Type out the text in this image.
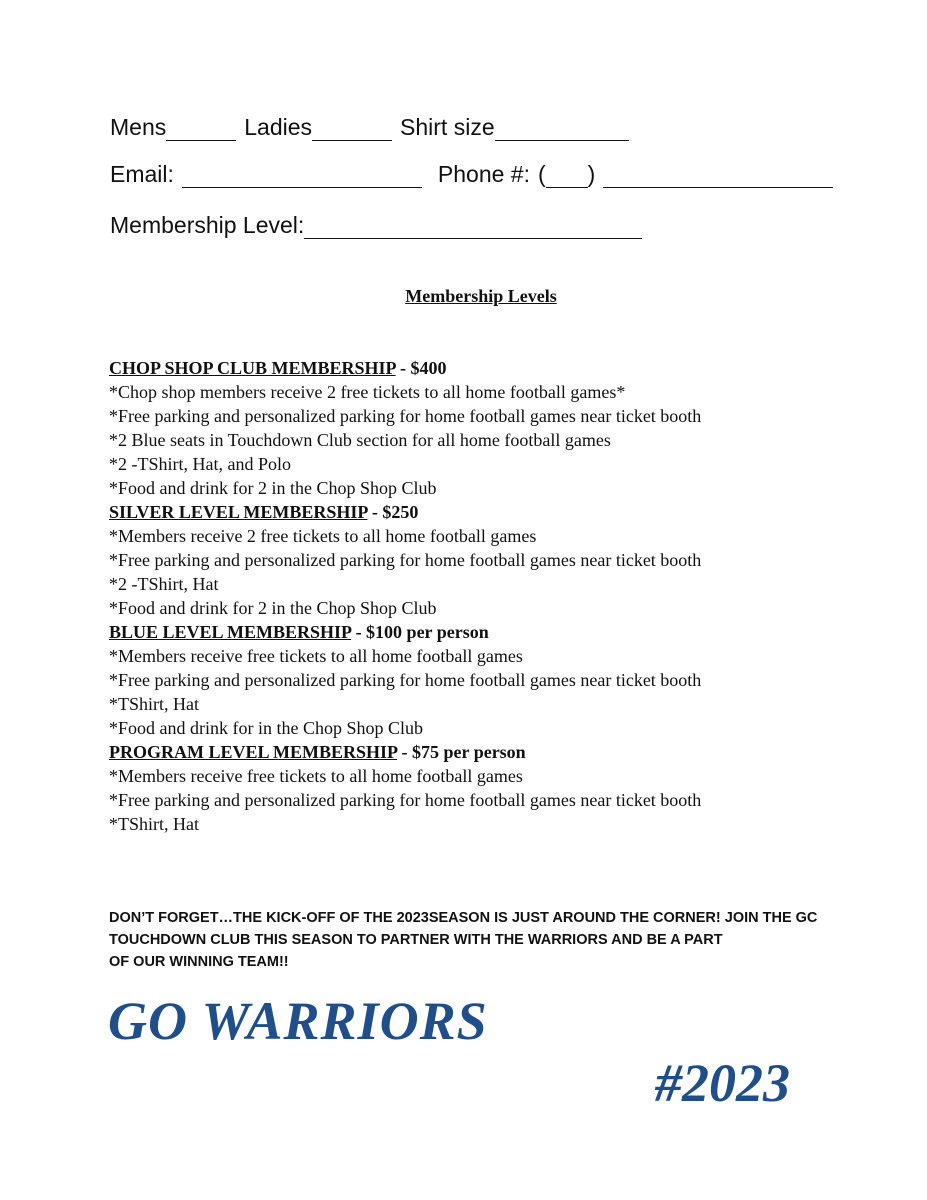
Mens	Ladies	Shirt size
Email:	Phone #: ( )
Membership Level:
Membership Levels
CHOP SHOP CLUB MEMBERSHIP - $400
*Chop shop members receive 2 free tickets to all home football games*
*Free parking and personalized parking for home football games near ticket booth
*2 Blue seats in Touchdown Club section for all home football games
*2 -TShirt, Hat, and Polo
*Food and drink for 2 in the Chop Shop Club
SILVER LEVEL MEMBERSHIP - $250
*Members receive 2 free tickets to all home football games
*Free parking and personalized parking for home football games near ticket booth
*2 -TShirt, Hat
*Food and drink for 2 in the Chop Shop Club
BLUE LEVEL MEMBERSHIP - $100 per person
*Members receive free tickets to all home football games
*Free parking and personalized parking for home football games near ticket booth
*TShirt, Hat
*Food and drink for in the Chop Shop Club
PROGRAM LEVEL MEMBERSHIP - $75 per person
*Members receive free tickets to all home football games
*Free parking and personalized parking for home football games near ticket booth
*TShirt, Hat
DON’T FORGET…THE KICK-OFF OF THE 2023SEASON IS JUST AROUND THE CORNER! JOIN THE GC
TOUCHDOWN CLUB THIS SEASON TO PARTNER WITH THE WARRIORS AND BE A PART
OF OUR WINNING TEAM!!
GO WARRIORS
#2023
